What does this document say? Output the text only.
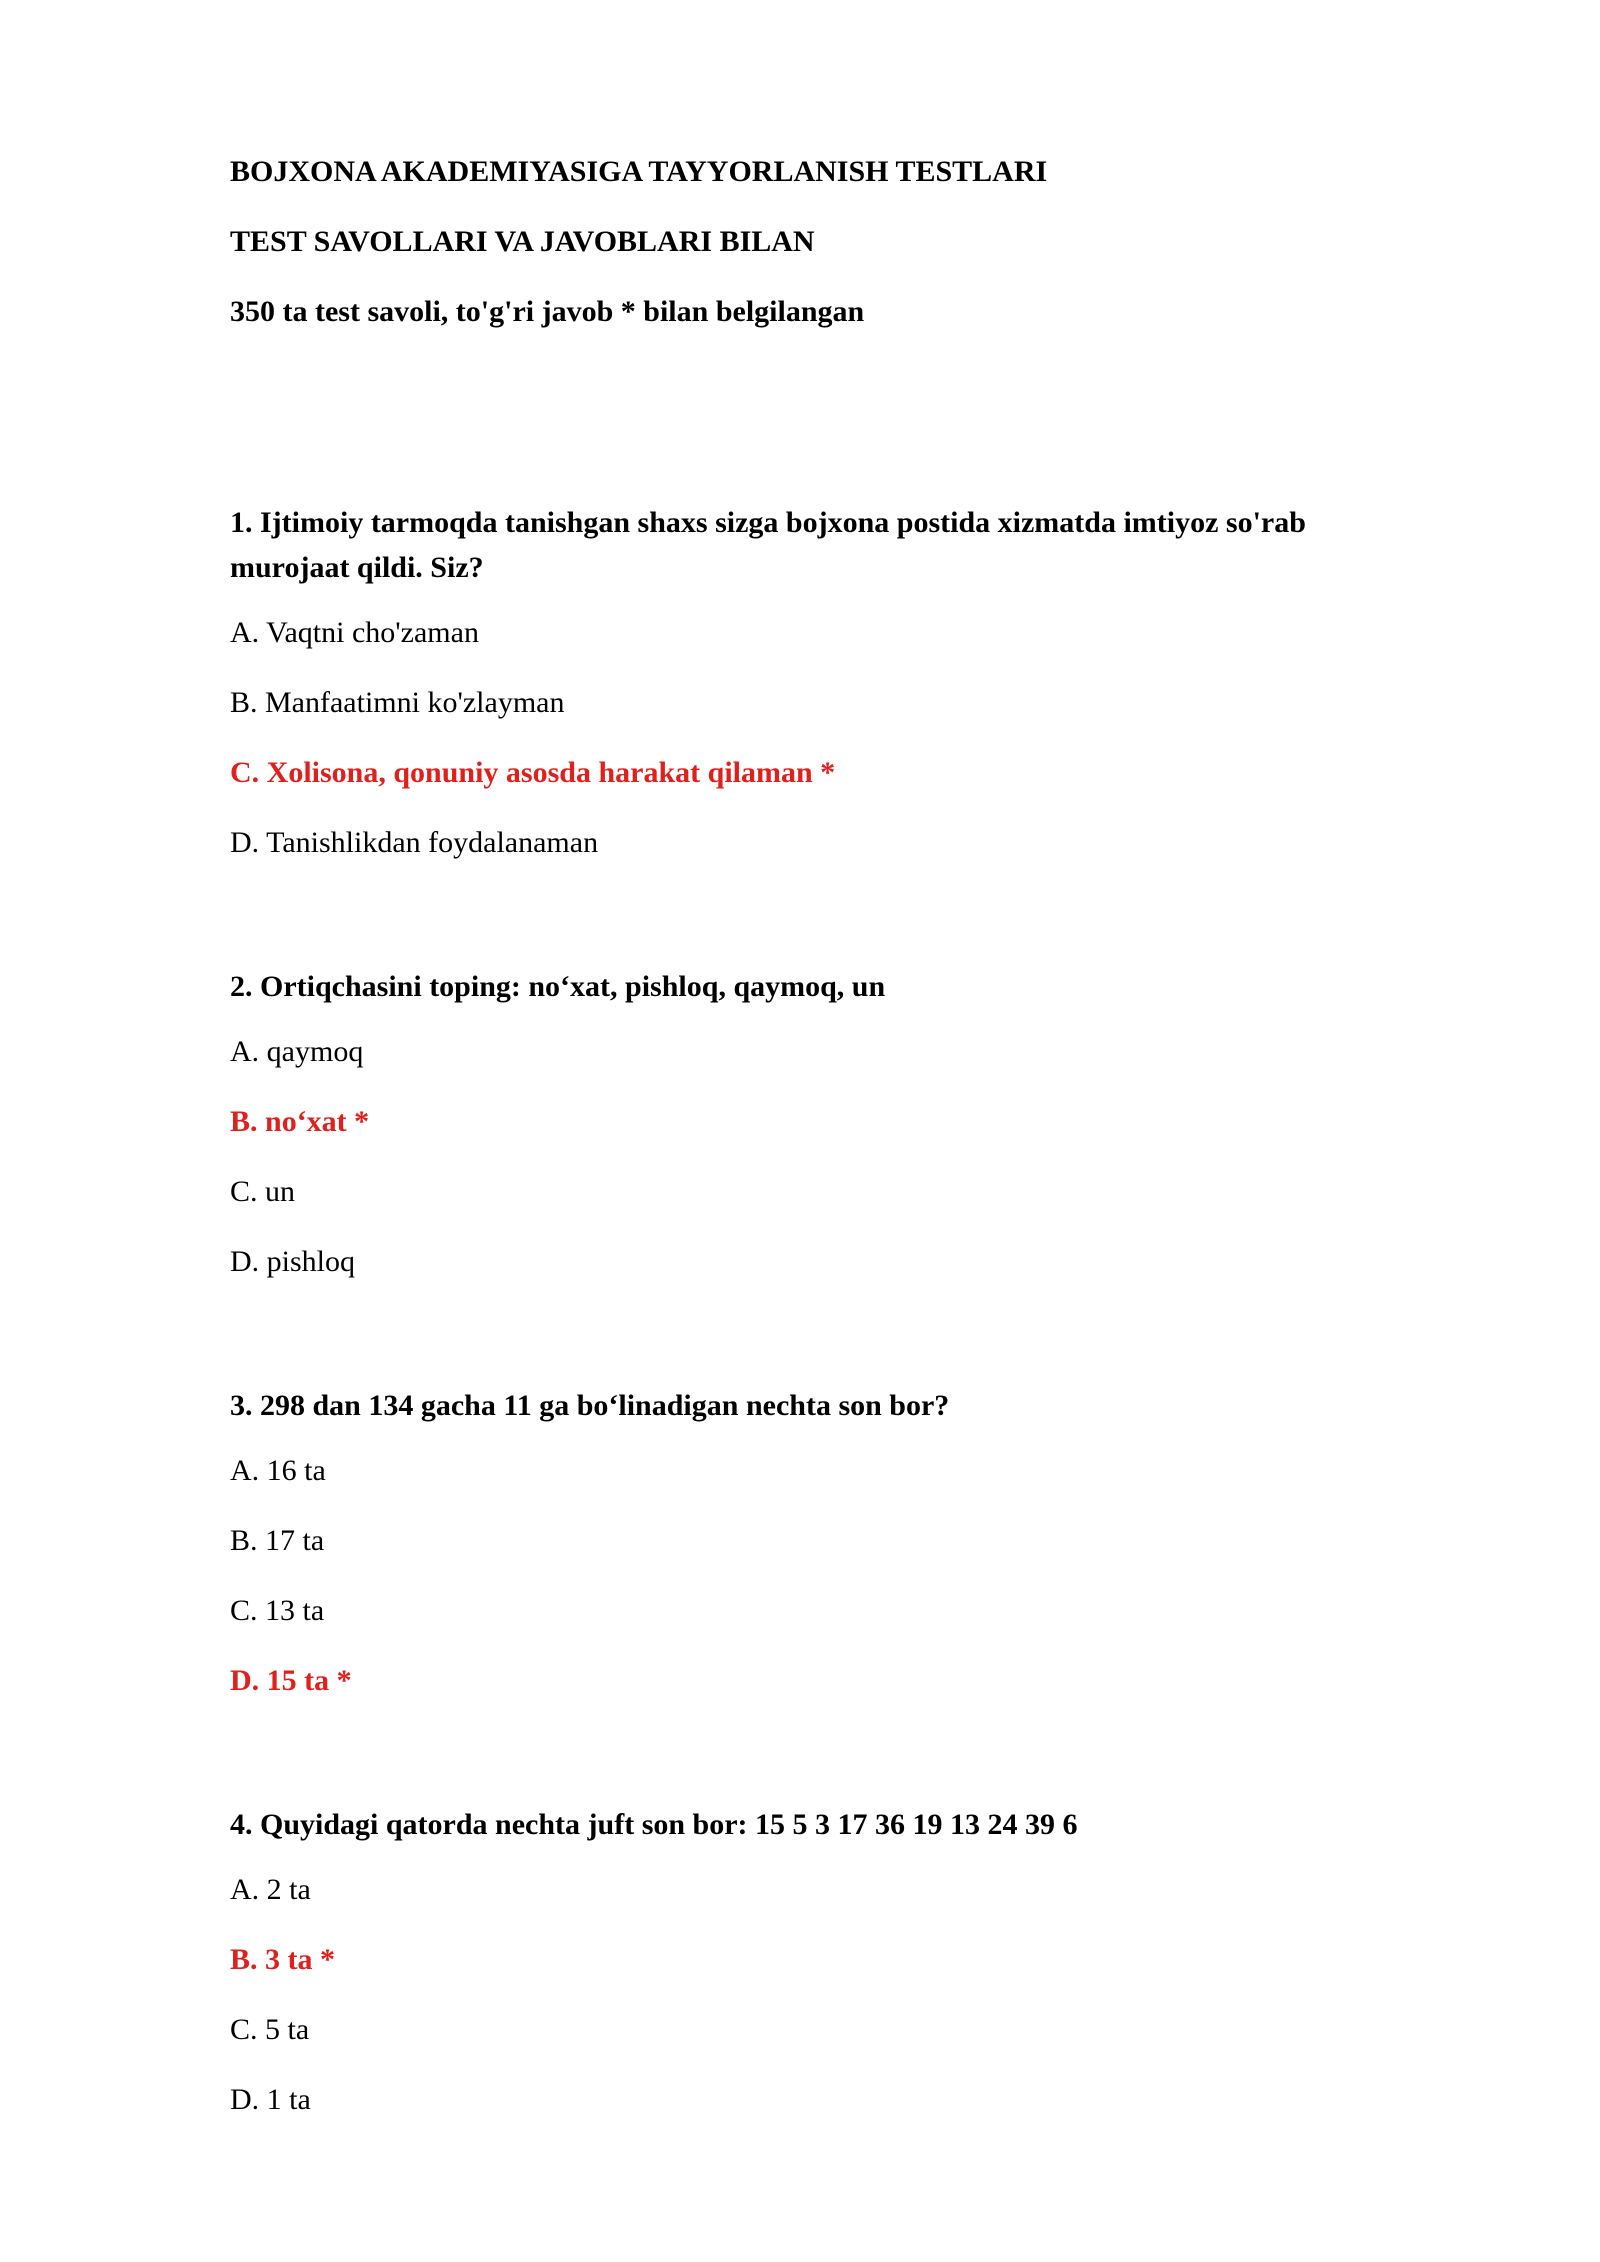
BOJXONA AKADEMIYASIGA TAYYORLANISH TESTLARI

TEST SAVOLLARI VA JAVOBLARI BILAN

350 ta test savoli, to'g'ri javob * bilan belgilangan

1. Ijtimoiy tarmoqda tanishgan shaxs sizga bojxona postida xizmatda imtiyoz so'rab murojaat qildi. Siz?

A. Vaqtni cho'zaman

B. Manfaatimni ko'zlayman

C. Xolisona, qonuniy asosda harakat qilaman *

D. Tanishlikdan foydalanaman

2. Ortiqchasini toping: no‘xat, pishloq, qaymoq, un

A. qaymoq

B. no‘xat *

C. un

D. pishloq

3. 298 dan 134 gacha 11 ga bo‘linadigan nechta son bor?

A. 16 ta

B. 17 ta

C. 13 ta

D. 15 ta *

4. Quyidagi qatorda nechta juft son bor: 15 5 3 17 36 19 13 24 39 6

A. 2 ta

B. 3 ta *

C. 5 ta

D. 1 ta
